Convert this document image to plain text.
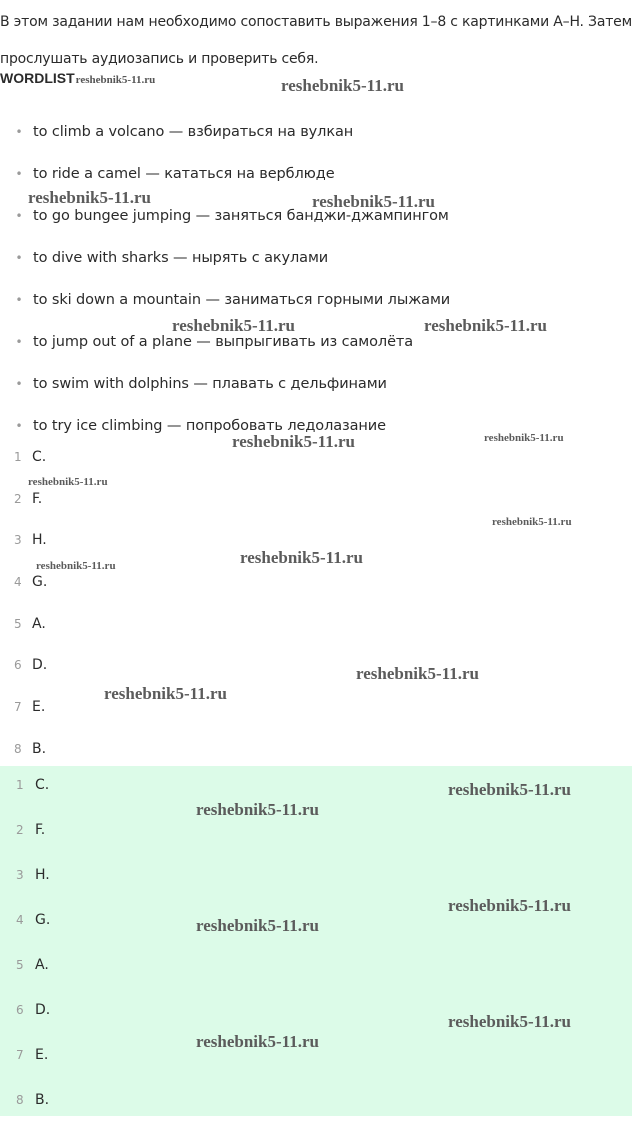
В этом задании нам необходимо сопоставить выражения 1–8 с картинками A–H. Затем прослушать аудиозапись и проверить себя.

WORDLIST reshebnik5-11.ru
• to climb a volcano — взбираться на вулкан
• to ride a camel — кататься на верблюде
• to go bungee jumping — заняться банджи-джампингом
• to dive with sharks — нырять с акулами
• to ski down a mountain — заниматься горными лыжами
• to jump out of a plane — выпрыгивать из самолёта
• to swim with dolphins — плавать с дельфинами
• to try ice climbing — попробовать ледолазание
1 C.
2 F.
3 H.
4 G.
5 A.
6 D.
7 E.
8 B.
1 C.
2 F.
3 H.
4 G.
5 A.
6 D.
7 E.
8 B.
reshebnik5-11.ru
reshebnik5-11.ru	reshebnik5-11.ru
reshebnik5-11.ru	reshebnik5-11.ru
reshebnik5-11.ru	reshebnik5-11.ru
reshebnik5-11.ru
reshebnik5-11.ru
reshebnik5-11.ru
reshebnik5-11.ru
reshebnik5-11.ru
reshebnik5-11.ru
reshebnik5-11.ru
reshebnik5-11.ru
reshebnik5-11.ru
reshebnik5-11.ru
reshebnik5-11.ru
reshebnik5-11.ru
